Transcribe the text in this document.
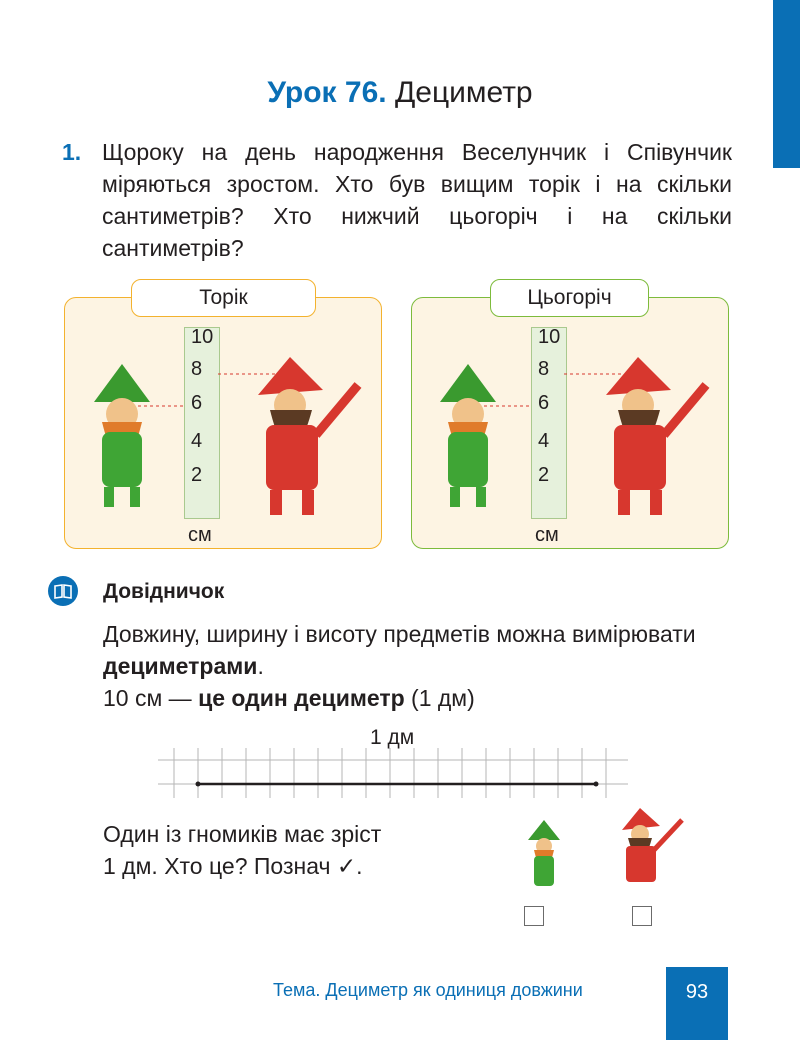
Урок 76. Дециметр
1. Щороку на день народження Веселунчик і Співунчик міряються зростом. Хто був вищим торік і на скільки сантиметрів? Хто нижчий цьогоріч і на скільки сантиметрів?
Торік
10
8
6
4
2
см
Цьогоріч
10
8
6
4
2
см
Довідничок
Довжину, ширину і висоту предметів можна вимірювати дециметрами.
10 см — це один дециметр (1 дм)
1 дм
Один із гномиків має зріст
1 дм. Хто це? Познач ✓.
Тема. Дециметр як одиниця довжини	93
